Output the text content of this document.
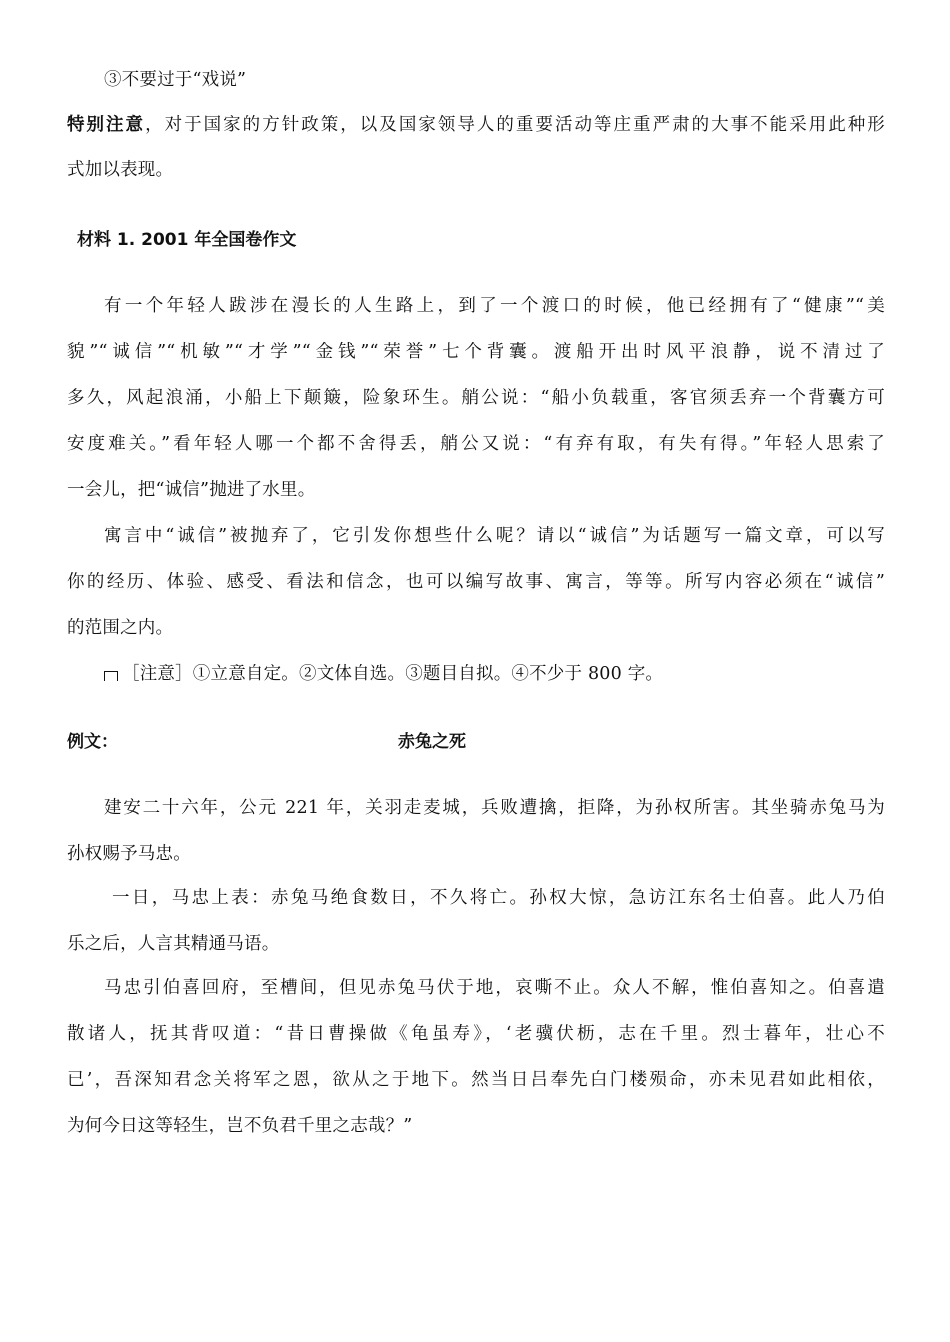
③不要过于“戏说”
特别注意，对于国家的方针政策，以及国家领导人的重要活动等庄重严肃的大事不能采用此种形
式加以表现。
材料 1. 2001 年全国卷作文
有一个年轻人跋涉在漫长的人生路上，到了一个渡口的时候，他已经拥有了“健康”“美
貌”“诚信”“机敏”“才学”“金钱”“荣誉”七个背囊。渡船开出时风平浪静，说不清过了
多久，风起浪涌，小船上下颠簸，险象环生。艄公说：“船小负载重，客官须丢弃一个背囊方可
安度难关。”看年轻人哪一个都不舍得丢，艄公又说：“有弃有取，有失有得。”年轻人思索了
一会儿，把“诚信”抛进了水里。
寓言中“诚信”被抛弃了，它引发你想些什么呢？请以“诚信”为话题写一篇文章，可以写
你的经历、体验、感受、看法和信念，也可以编写故事、寓言，等等。所写内容必须在“诚信”
的范围之内。
［注意］①立意自定。②文体自选。③题目自拟。④不少于 800 字。
例文：	赤兔之死
建安二十六年，公元 221 年，关羽走麦城，兵败遭擒，拒降，为孙权所害。其坐骑赤兔马为
孙权赐予马忠。
一日，马忠上表：赤兔马绝食数日，不久将亡。孙权大惊，急访江东名士伯喜。此人乃伯
乐之后，人言其精通马语。
马忠引伯喜回府，至槽间，但见赤兔马伏于地，哀嘶不止。众人不解，惟伯喜知之。伯喜遣
散诸人，抚其背叹道：“昔日曹操做《龟虽寿》，‘老骥伏枥，志在千里。烈士暮年，壮心不
已’，吾深知君念关将军之恩，欲从之于地下。然当日吕奉先白门楼殒命，亦未见君如此相依，
为何今日这等轻生，岂不负君千里之志哉？”
